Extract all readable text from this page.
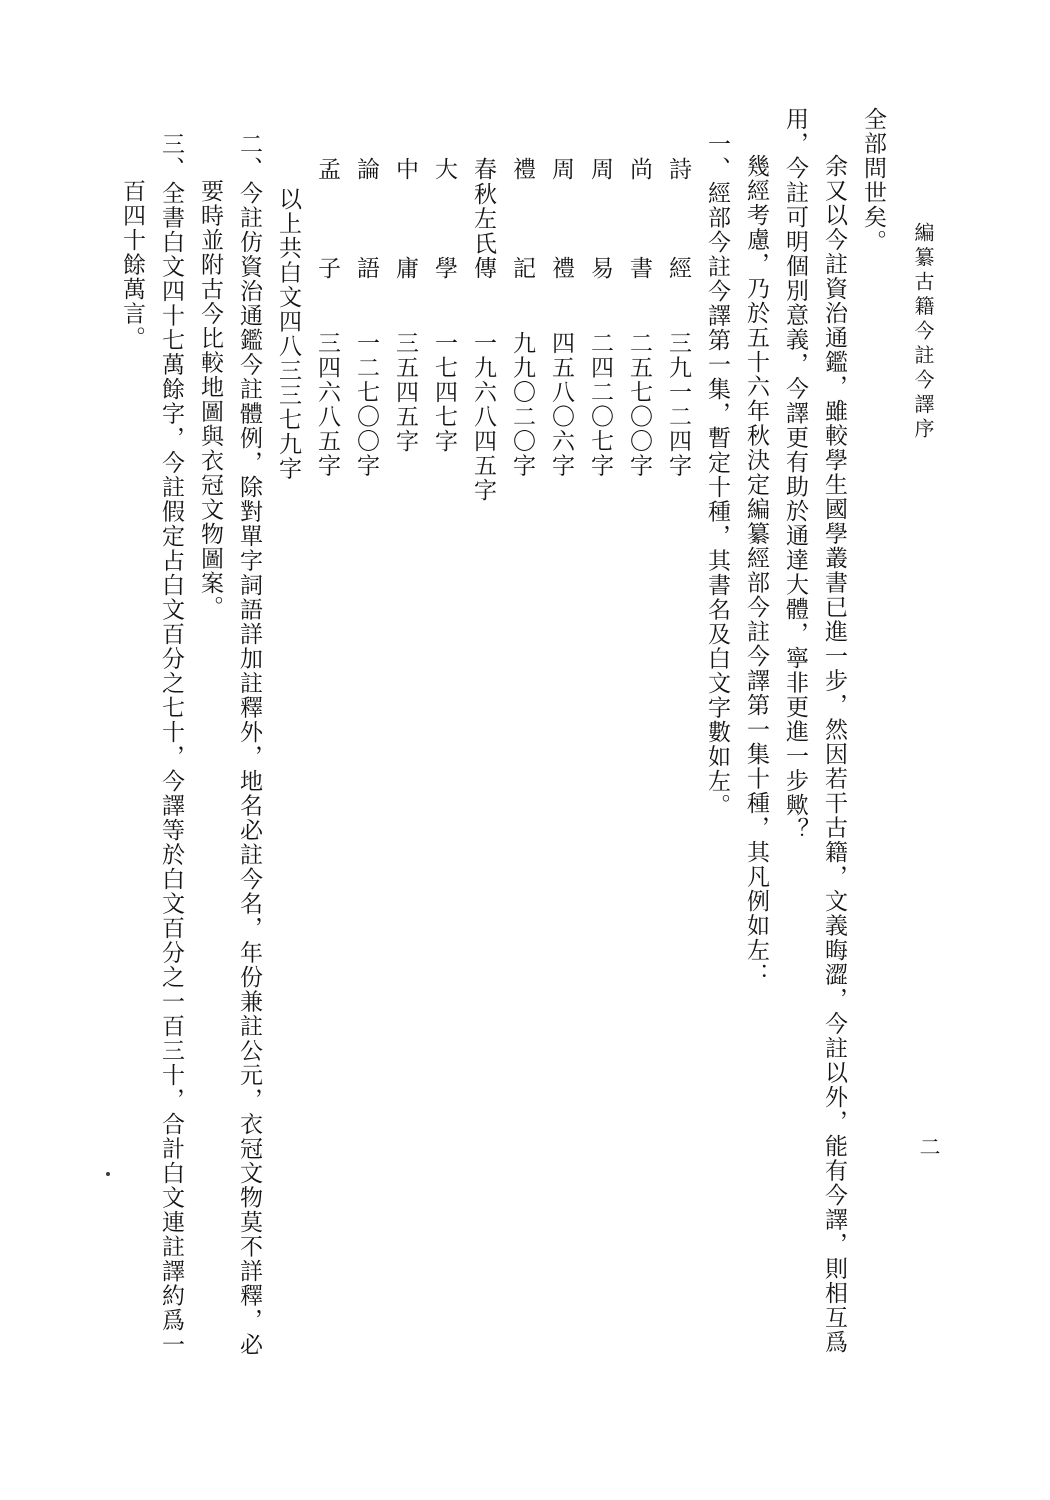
編纂古籍今註今譯序
二
全部問世矣。
余又以今註資治通鑑，雖較學生國學叢書已進一步，然因若干古籍，文義晦澀，今註以外，能有今譯，則相互爲
用，今註可明個別意義，今譯更有助於通達大體，寧非更進一步歟？
幾經考慮，乃於五十六年秋決定編纂經部今註今譯第一集十種，其凡例如左：
一、經部今註今譯第一集，暫定十種，其書名及白文字數如左。
詩經三九一二四字
尚書二五七〇〇字
周易二四二〇七字
周禮四五八〇六字
禮記九九〇二〇字
春秋左氏傳一九六八四五字
大學一七四七字
中庸三五四五字
論語一二七〇〇字
孟子三四六八五字
以上共白文四八三三七九字
二、今註仿資治通鑑今註體例，除對單字詞語詳加註釋外，地名必註今名，年份兼註公元，衣冠文物莫不詳釋，必
要時並附古今比較地圖與衣冠文物圖案。
三、全書白文四十七萬餘字，今註假定占白文百分之七十，今譯等於白文百分之一百三十，合計白文連註譯約爲一
百四十餘萬言。
